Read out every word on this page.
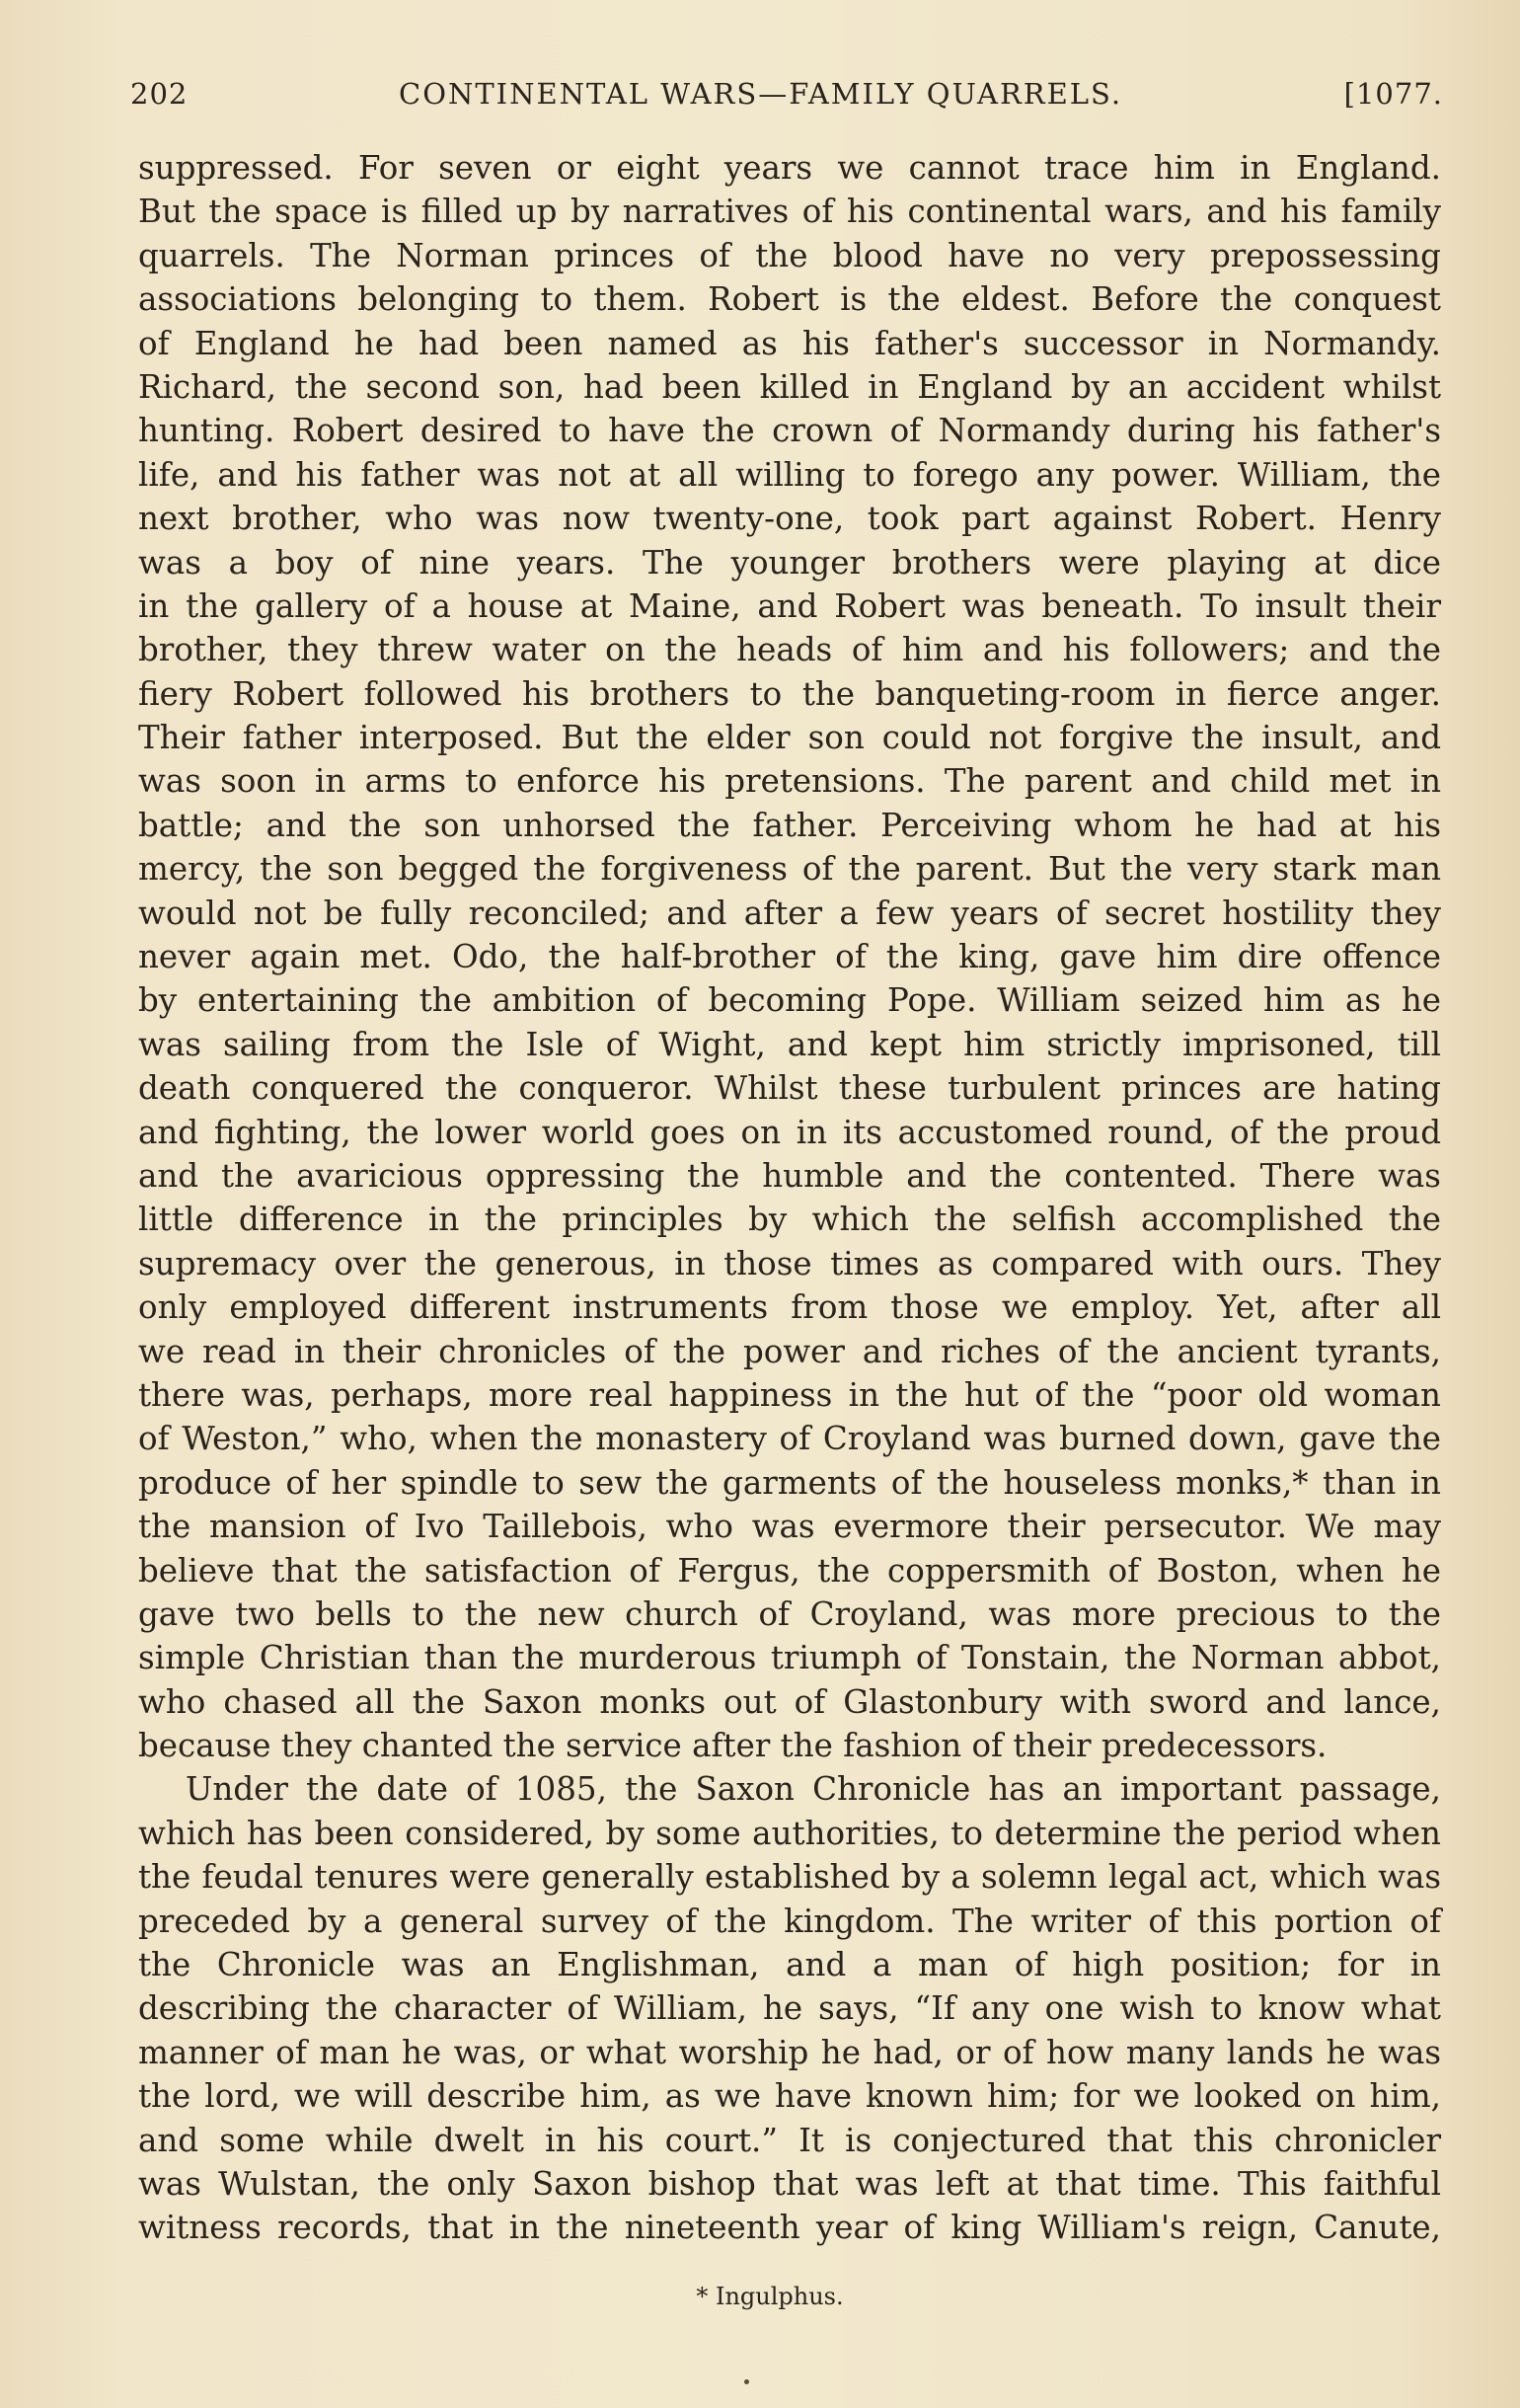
202	CONTINENTAL WARS—FAMILY QUARRELS.	[1077.
suppressed. For seven or eight years we cannot trace him in England.
But the space is filled up by narratives of his continental wars, and his family
quarrels. The Norman princes of the blood have no very prepossessing
associations belonging to them. Robert is the eldest. Before the conquest
of England he had been named as his father's successor in Normandy.
Richard, the second son, had been killed in England by an accident whilst
hunting. Robert desired to have the crown of Normandy during his father's
life, and his father was not at all willing to forego any power. William, the
next brother, who was now twenty-one, took part against Robert. Henry
was a boy of nine years. The younger brothers were playing at dice
in the gallery of a house at Maine, and Robert was beneath. To insult their
brother, they threw water on the heads of him and his followers; and the
fiery Robert followed his brothers to the banqueting-room in fierce anger.
Their father interposed. But the elder son could not forgive the insult, and
was soon in arms to enforce his pretensions. The parent and child met in
battle; and the son unhorsed the father. Perceiving whom he had at his
mercy, the son begged the forgiveness of the parent. But the very stark man
would not be fully reconciled; and after a few years of secret hostility they
never again met. Odo, the half-brother of the king, gave him dire offence
by entertaining the ambition of becoming Pope. William seized him as he
was sailing from the Isle of Wight, and kept him strictly imprisoned, till
death conquered the conqueror. Whilst these turbulent princes are hating
and fighting, the lower world goes on in its accustomed round, of the proud
and the avaricious oppressing the humble and the contented. There was
little difference in the principles by which the selfish accomplished the
supremacy over the generous, in those times as compared with ours. They
only employed different instruments from those we employ. Yet, after all
we read in their chronicles of the power and riches of the ancient tyrants,
there was, perhaps, more real happiness in the hut of the “poor old woman
of Weston,” who, when the monastery of Croyland was burned down, gave the
produce of her spindle to sew the garments of the houseless monks,* than in
the mansion of Ivo Taillebois, who was evermore their persecutor. We may
believe that the satisfaction of Fergus, the coppersmith of Boston, when he
gave two bells to the new church of Croyland, was more precious to the
simple Christian than the murderous triumph of Tonstain, the Norman abbot,
who chased all the Saxon monks out of Glastonbury with sword and lance,
because they chanted the service after the fashion of their predecessors.
Under the date of 1085, the Saxon Chronicle has an important passage,
which has been considered, by some authorities, to determine the period when
the feudal tenures were generally established by a solemn legal act, which was
preceded by a general survey of the kingdom. The writer of this portion of
the Chronicle was an Englishman, and a man of high position; for in
describing the character of William, he says, “If any one wish to know what
manner of man he was, or what worship he had, or of how many lands he was
the lord, we will describe him, as we have known him; for we looked on him,
and some while dwelt in his court.” It is conjectured that this chronicler
was Wulstan, the only Saxon bishop that was left at that time. This faithful
witness records, that in the nineteenth year of king William's reign, Canute,
* Ingulphus.
